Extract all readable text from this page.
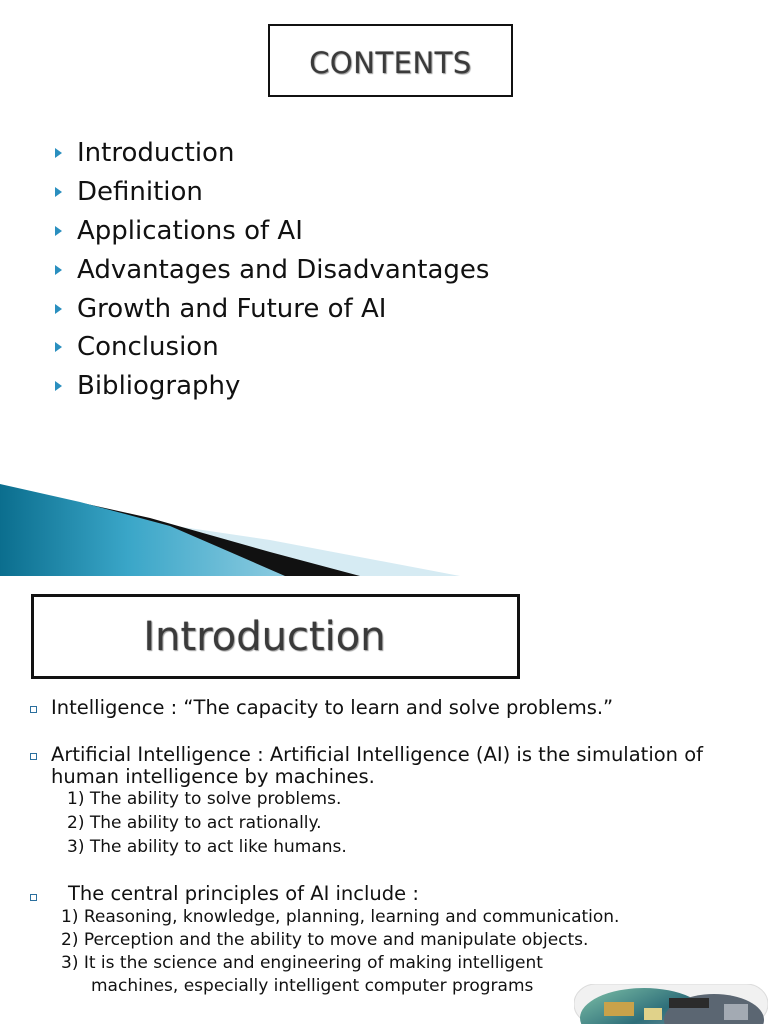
CONTENTS
Introduction
Definition
Applications of AI
Advantages and Disadvantages
Growth and Future of AI
Conclusion
Bibliography
Introduction
Intelligence : “The capacity to learn and solve problems.”
Artificial Intelligence : Artificial Intelligence (AI) is the simulation of
human intelligence by machines.
1) The ability to solve problems.
2) The ability to act rationally.
3) The ability to act like humans.
The central principles of AI include :
1) Reasoning, knowledge, planning, learning and communication.
2) Perception and the ability to move and manipulate objects.
3) It is the science and engineering of making intelligent
machines, especially intelligent computer programs
